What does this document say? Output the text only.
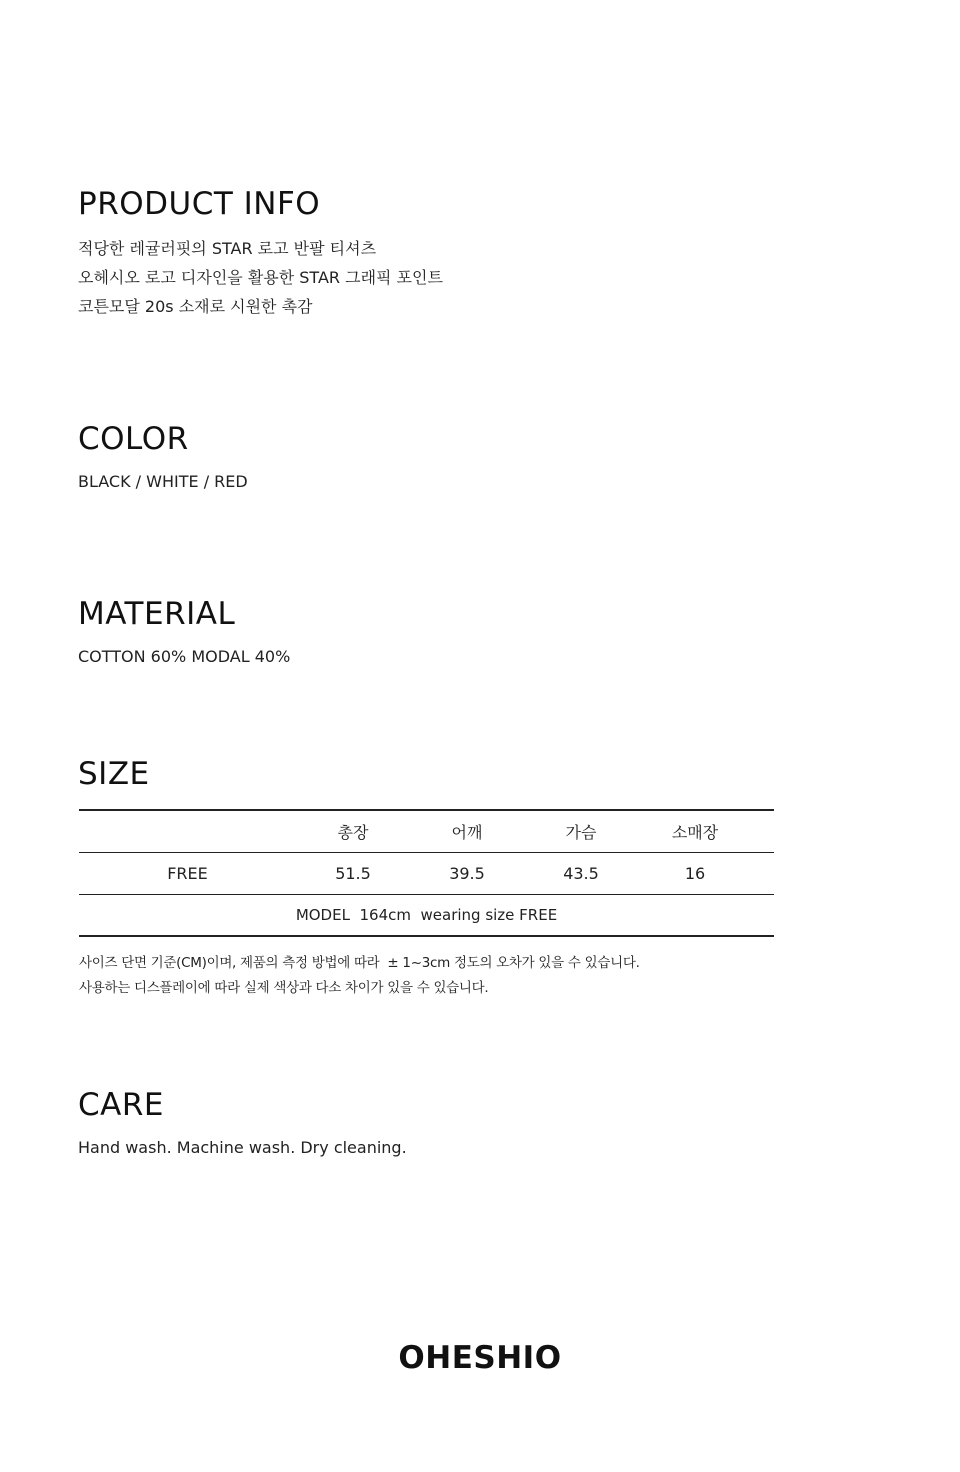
PRODUCT INFO

적당한 레귤러핏의 STAR 로고 반팔 티셔츠

오헤시오 로고 디자인을 활용한 STAR 그래픽 포인트

코튼모달 20s 소재로 시원한 촉감

COLOR

BLACK / WHITE / RED

MATERIAL

COTTON 60% MODAL 40%

SIZE
	총장	어깨	가슴	소매장	
FREE	51.5	39.5	43.5	16	
MODEL  164cm  wearing size FREE					
사이즈 단면 기준(CM)이며, 제품의 측정 방법에 따라  ± 1~3cm 정도의 오차가 있을 수 있습니다.
사용하는 디스플레이에 따라 실제 색상과 다소 차이가 있을 수 있습니다.
CARE

Hand wash. Machine wash. Dry cleaning.

OHESHIO
